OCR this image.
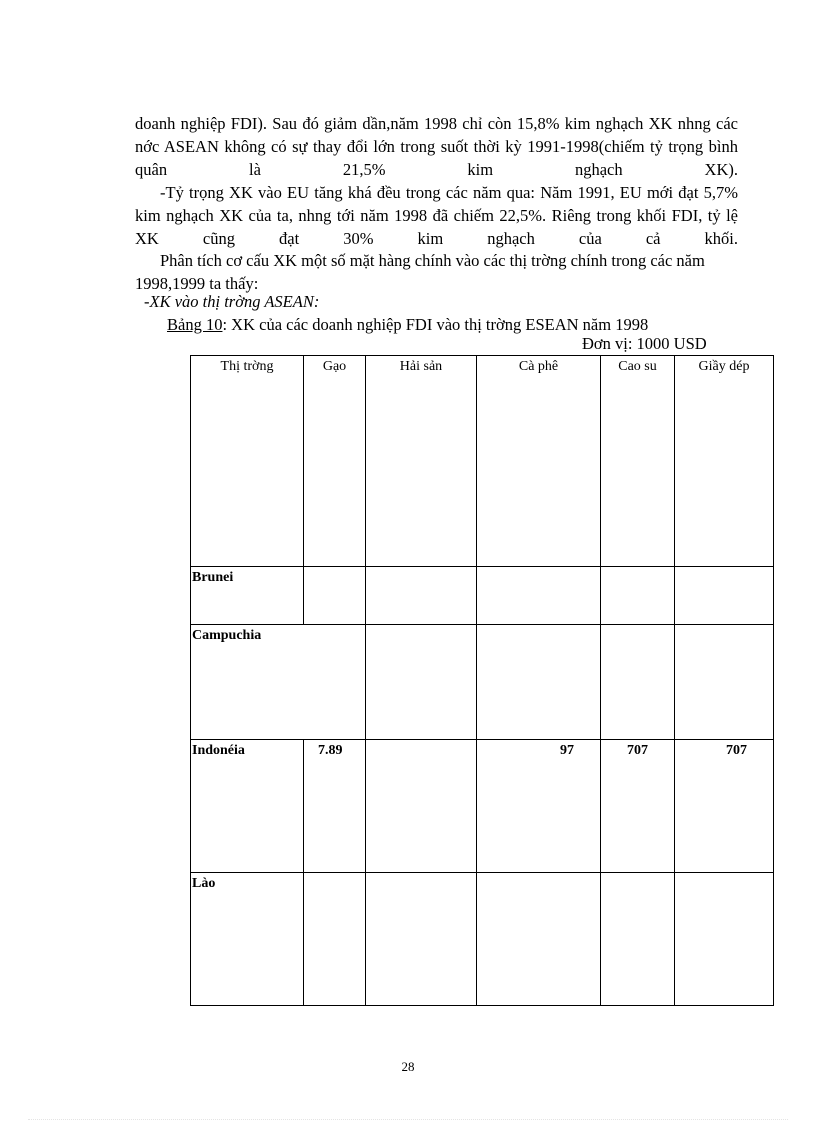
doanh nghiệp FDI). Sau đó giảm dần,năm 1998 chỉ còn 15,8% kim nghạch XK nhng các nớc ASEAN không có sự thay đổi lớn trong suốt thời kỳ 1991-1998(chiếm tỷ trọng bình quân là 21,5% kim nghạch XK).

-Tỷ trọng XK vào EU tăng khá đều trong các năm qua: Năm 1991, EU mới đạt 5,7% kim nghạch XK của ta, nhng tới năm 1998 đã chiếm 22,5%. Riêng trong khối FDI, tỷ lệ XK cũng đạt 30% kim nghạch của cả khối.

Phân tích cơ cấu XK một số mặt hàng chính vào các thị trờng chính trong các năm 1998,1999 ta thấy:

-XK vào thị trờng ASEAN:

Bảng 10: XK của các doanh nghiệp FDI vào thị trờng ESEAN năm 1998

Đơn vị: 1000 USD

Thị trờng	Gạo	Hải sản	Cà phê	Cao su	Giầy dép
Brunei					
Campuchia					
Indonéia	7.89		97	707	707
Lào					
28
